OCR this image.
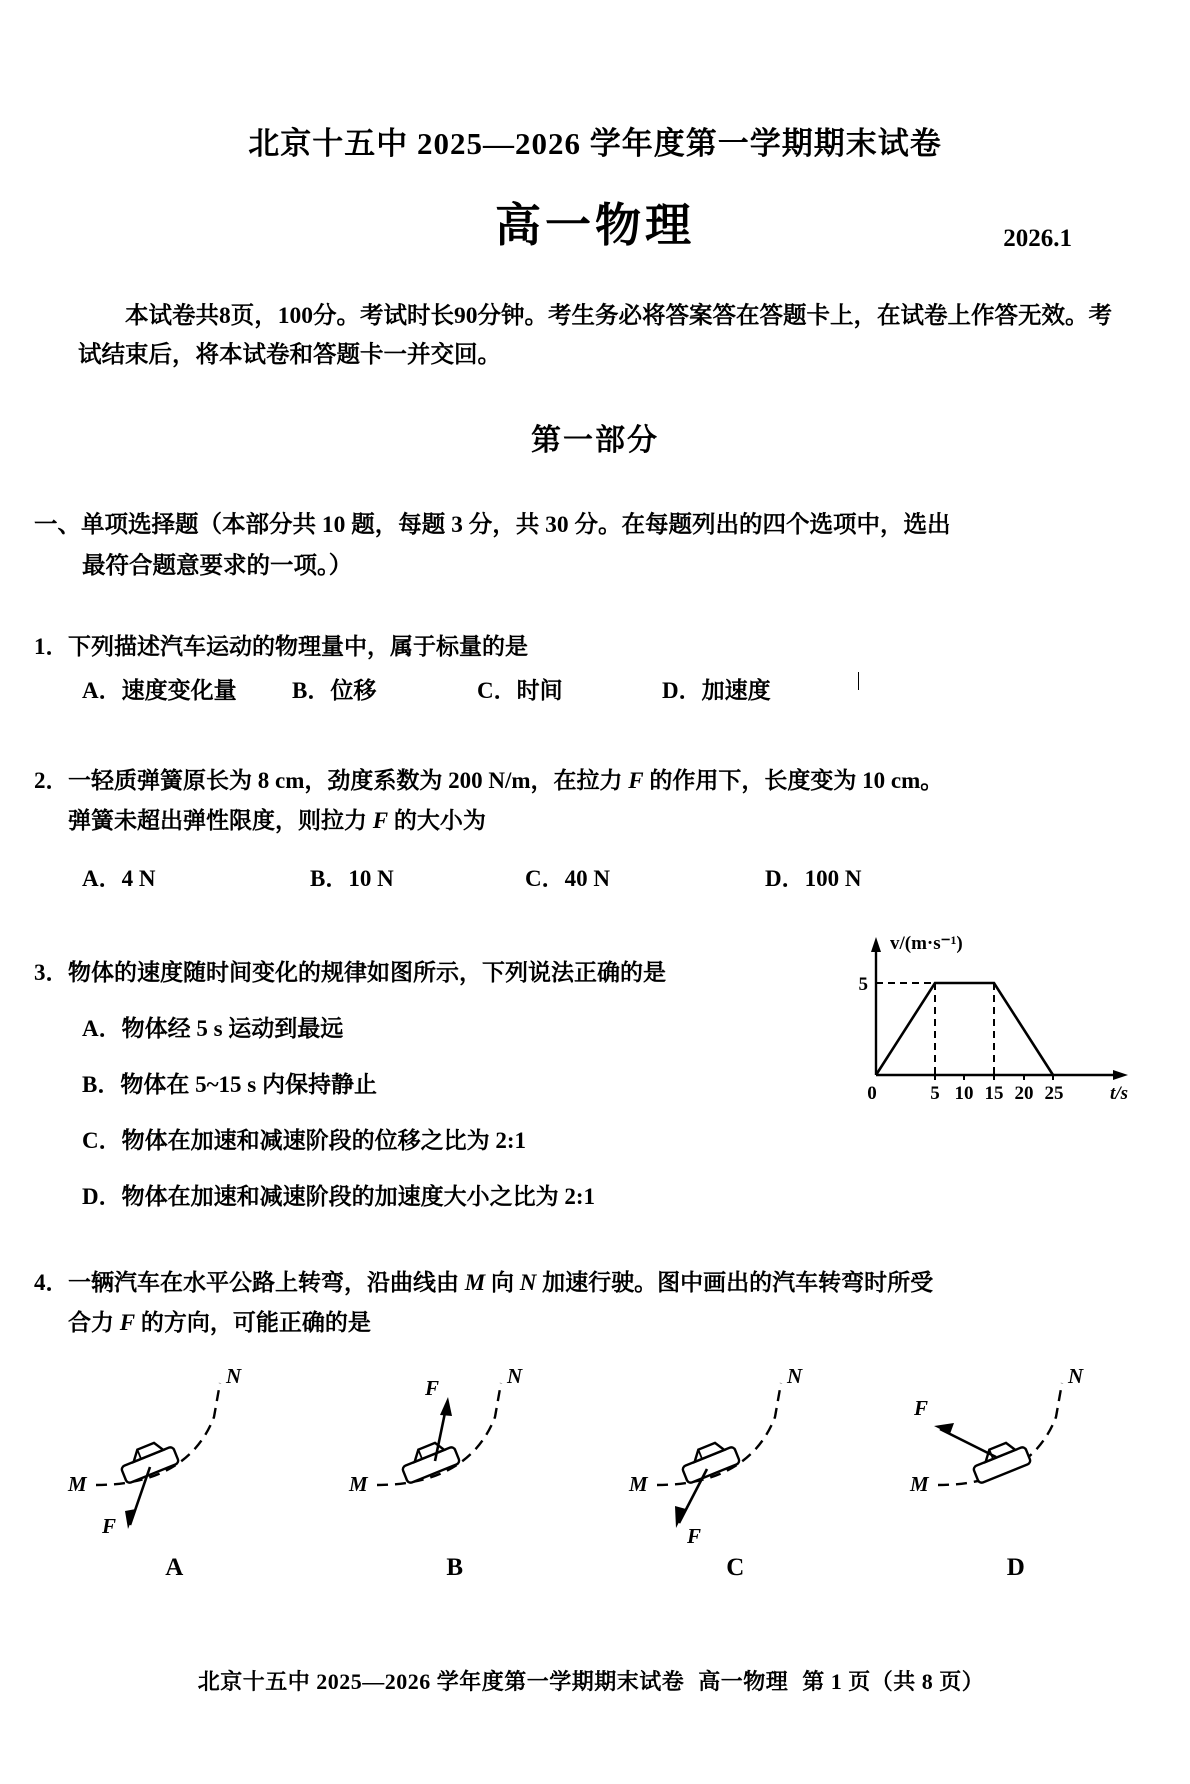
北京十五中 2025—2026 学年度第一学期期末试卷
高一物理	2026.1
本试卷共8页，100分。考试时长90分钟。考生务必将答案答在答题卡上，在试卷上作答无效。考试结束后，将本试卷和答题卡一并交回。
第一部分
一、单项选择题（本部分共 10 题，每题 3 分，共 30 分。在每题列出的四个选项中，选出
最符合题意要求的一项。）
1． 下列描述汽车运动的物理量中，属于标量的是
A．速度变化量	B．位移	C．时间	D．加速度
2． 一轻质弹簧原长为 8 cm，劲度系数为 200 N/m，在拉力 F 的作用下，长度变为 10 cm。
弹簧未超出弹性限度，则拉力 F 的大小为
A．4 N	B．10 N	C．40 N	D．100 N
3． 物体的速度随时间变化的规律如图所示，下列说法正确的是
A．物体经 5 s 运动到最远
B．物体在 5~15 s 内保持静止
C．物体在加速和减速阶段的位移之比为 2:1
D．物体在加速和减速阶段的加速度大小之比为 2:1
v/(m·s⁻¹)
t/s
5
0	5 10 15 20 25
4． 一辆汽车在水平公路上转弯，沿曲线由 M 向 N 加速行驶。图中画出的汽车转弯时所受
合力 F 的方向，可能正确的是
M
N
F
A
M
N
F
B
M
N
F
C
M
N
F
D
北京十五中 2025—2026 学年度第一学期期末试卷 高一物理 第 1 页（共 8 页）
